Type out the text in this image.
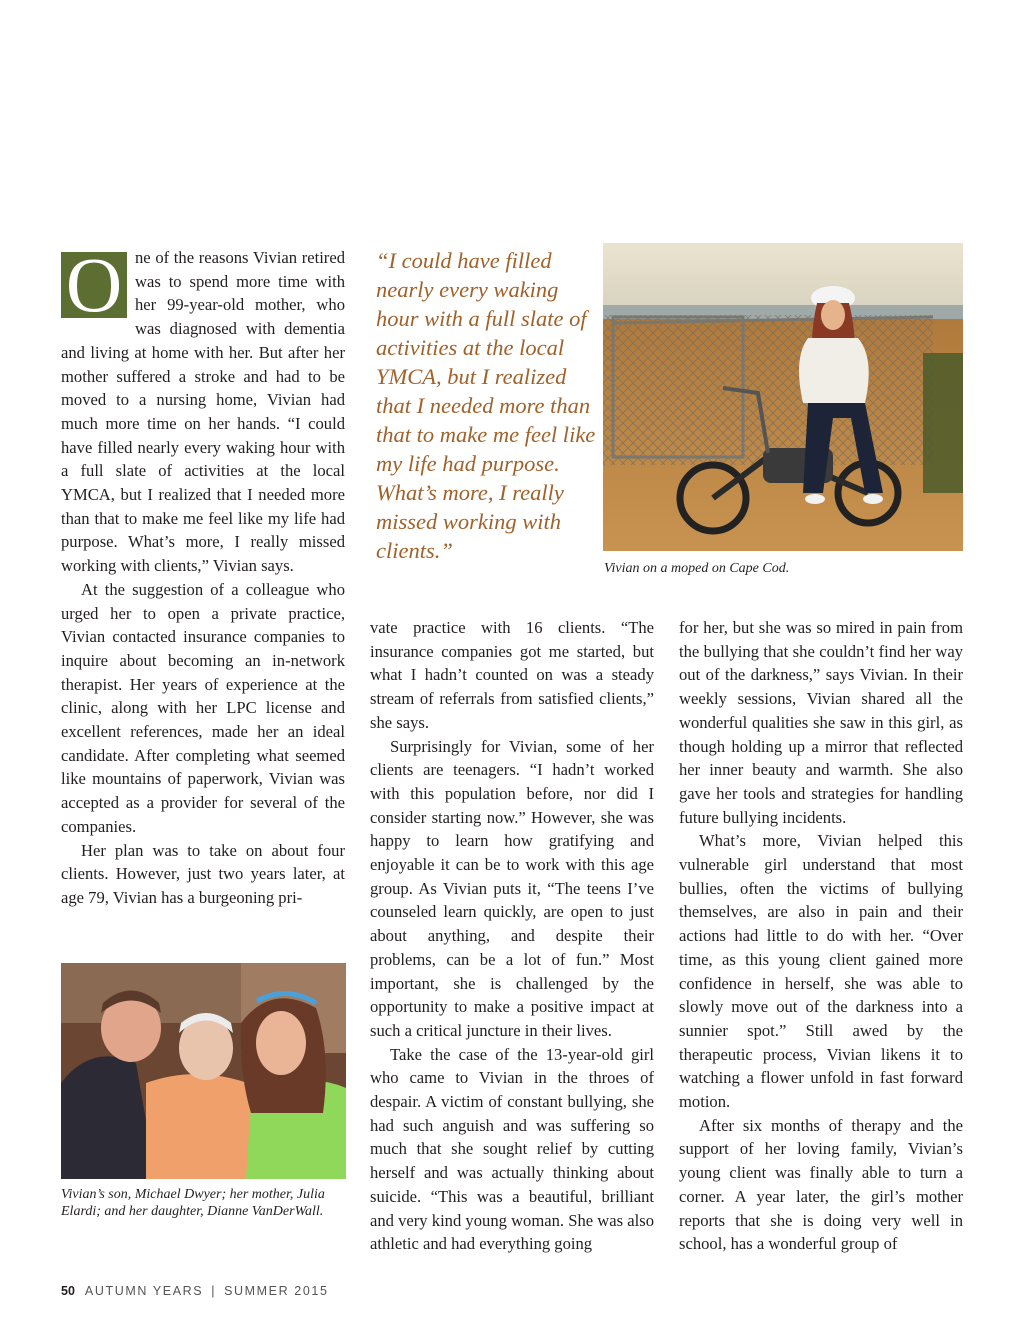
O ne of the reasons Vivian retired was to spend more time with her 99-year-old mother, who was diagnosed with dementia and living at home with her. But after her mother suffered a stroke and had to be moved to a nursing home, Vivian had much more time on her hands. “I could have filled nearly every waking hour with a full slate of activities at the local YMCA, but I realized that I needed more than that to make me feel like my life had purpose. What’s more, I really missed working with clients,” Vivian says.

At the suggestion of a colleague who urged her to open a private practice, Vivian contacted insurance companies to inquire about becoming an in-network therapist. Her years of experience at the clinic, along with her LPC license and excellent references, made her an ideal candidate. After completing what seemed like mountains of paperwork, Vivian was accepted as a provider for several of the companies.

Her plan was to take on about four clients. However, just two years later, at age 79, Vivian has a burgeoning pri-

“I could have filled nearly every waking hour with a full slate of activities at the local YMCA, but I realized that I needed more than that to make me feel like my life had purpose. What’s more, I really missed working with clients.”

Vivian on a moped on Cape Cod.

vate practice with 16 clients. “The insurance companies got me started, but what I hadn’t counted on was a steady stream of referrals from satisfied clients,” she says.

Surprisingly for Vivian, some of her clients are teenagers. “I hadn’t worked with this population before, nor did I consider starting now.” However, she was happy to learn how gratifying and enjoyable it can be to work with this age group. As Vivian puts it, “The teens I’ve counseled learn quickly, are open to just about anything, and despite their problems, can be a lot of fun.” Most important, she is challenged by the opportunity to make a positive impact at such a critical juncture in their lives.

Take the case of the 13-year-old girl who came to Vivian in the throes of despair. A victim of constant bullying, she had such anguish and was suffering so much that she sought relief by cutting herself and was actually thinking about suicide. “This was a beautiful, brilliant and very kind young woman. She was also athletic and had everything going

for her, but she was so mired in pain from the bullying that she couldn’t find her way out of the darkness,” says Vivian. In their weekly sessions, Vivian shared all the wonderful qualities she saw in this girl, as though holding up a mirror that reflected her inner beauty and warmth. She also gave her tools and strategies for handling future bullying incidents.

What’s more, Vivian helped this vulnerable girl understand that most bullies, often the victims of bullying themselves, are also in pain and their actions had little to do with her. “Over time, as this young client gained more confidence in herself, she was able to slowly move out of the darkness into a sunnier spot.” Still awed by the therapeutic process, Vivian likens it to watching a flower unfold in fast forward motion.

After six months of therapy and the support of her loving family, Vivian’s young client was finally able to turn a corner. A year later, the girl’s mother reports that she is doing very well in school, has a wonderful group of

Vivian’s son, Michael Dwyer; her mother, Julia Elardi; and her daughter, Dianne VanDerWall.

50 AUTUMN YEARS | SUMMER 2015
